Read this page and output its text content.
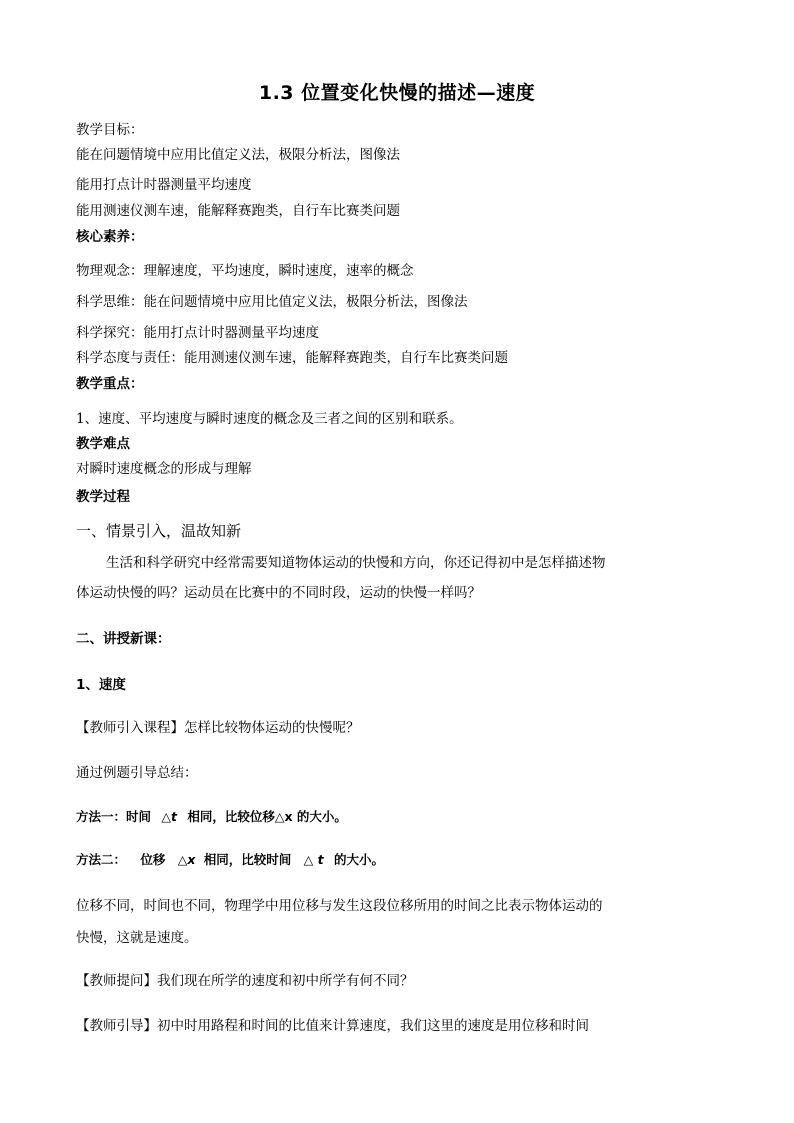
1.3 位置变化快慢的描述—速度
教学目标：
能在问题情境中应用比值定义法，极限分析法，图像法
能用打点计时器测量平均速度
能用测速仪测车速，能解释赛跑类，自行车比赛类问题
核心素养：
物理观念：理解速度，平均速度，瞬时速度，速率的概念
科学思维：能在问题情境中应用比值定义法，极限分析法，图像法
科学探究：能用打点计时器测量平均速度
科学态度与责任：能用测速仪测车速，能解释赛跑类，自行车比赛类问题
教学重点：
1、速度、平均速度与瞬时速度的概念及三者之间的区别和联系。
教学难点
对瞬时速度概念的形成与理解
教学过程
一、情景引入，温故知新
生活和科学研究中经常需要知道物体运动的快慢和方向，你还记得初中是怎样描述物
体运动快慢的吗？运动员在比赛中的不同时段，运动的快慢一样吗？
二、讲授新课：
1、速度
【教师引入课程】怎样比较物体运动的快慢呢？
通过例题引导总结：
方法一：时间 △t 相同，比较位移△x 的大小。
方法二： 位移 △x 相同，比较时间 △ t 的大小。
位移不同，时间也不同，物理学中用位移与发生这段位移所用的时间之比表示物体运动的
快慢，这就是速度。
【教师提问】我们现在所学的速度和初中所学有何不同？
【教师引导】初中时用路程和时间的比值来计算速度，我们这里的速度是用位移和时间
